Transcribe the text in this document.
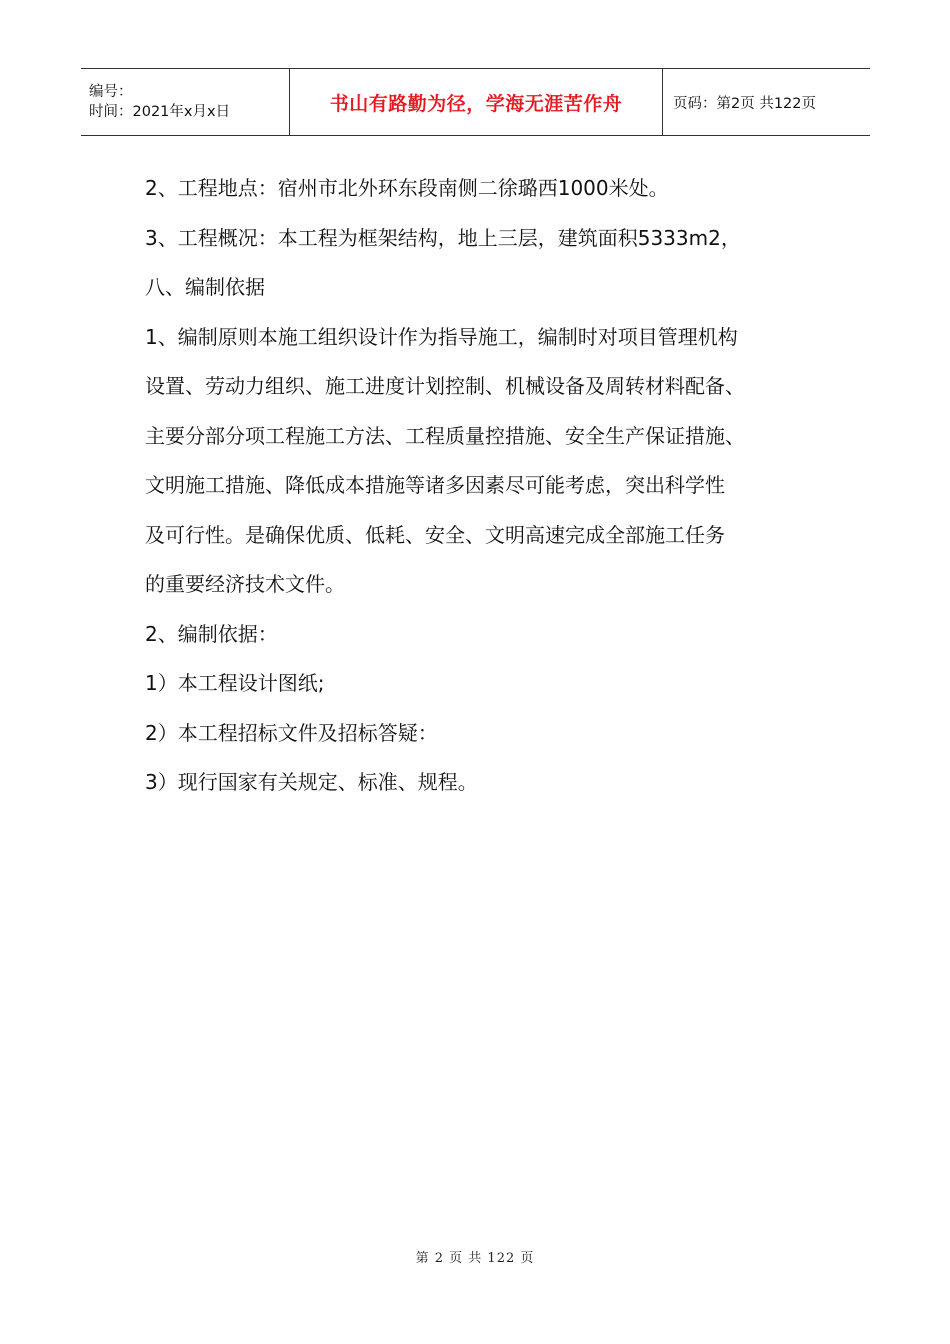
编号：
时间：2021年x月x日	书山有路勤为径，学海无涯苦作舟	页码：第2页 共122页

2、工程地点：宿州市北外环东段南侧二徐璐西1000米处。

3、工程概况：本工程为框架结构，地上三层，建筑面积5333m2，

八、编制依据

1、编制原则本施工组织设计作为指导施工，编制时对项目管理机构

设置、劳动力组织、施工进度计划控制、机械设备及周转材料配备、

主要分部分项工程施工方法、工程质量控措施、安全生产保证措施、

文明施工措施、降低成本措施等诸多因素尽可能考虑，突出科学性

及可行性。是确保优质、低耗、安全、文明高速完成全部施工任务

的重要经济技术文件。

2、编制依据：

1）本工程设计图纸;

2）本工程招标文件及招标答疑：

3）现行国家有关规定、标准、规程。

第 2 页 共 122 页
